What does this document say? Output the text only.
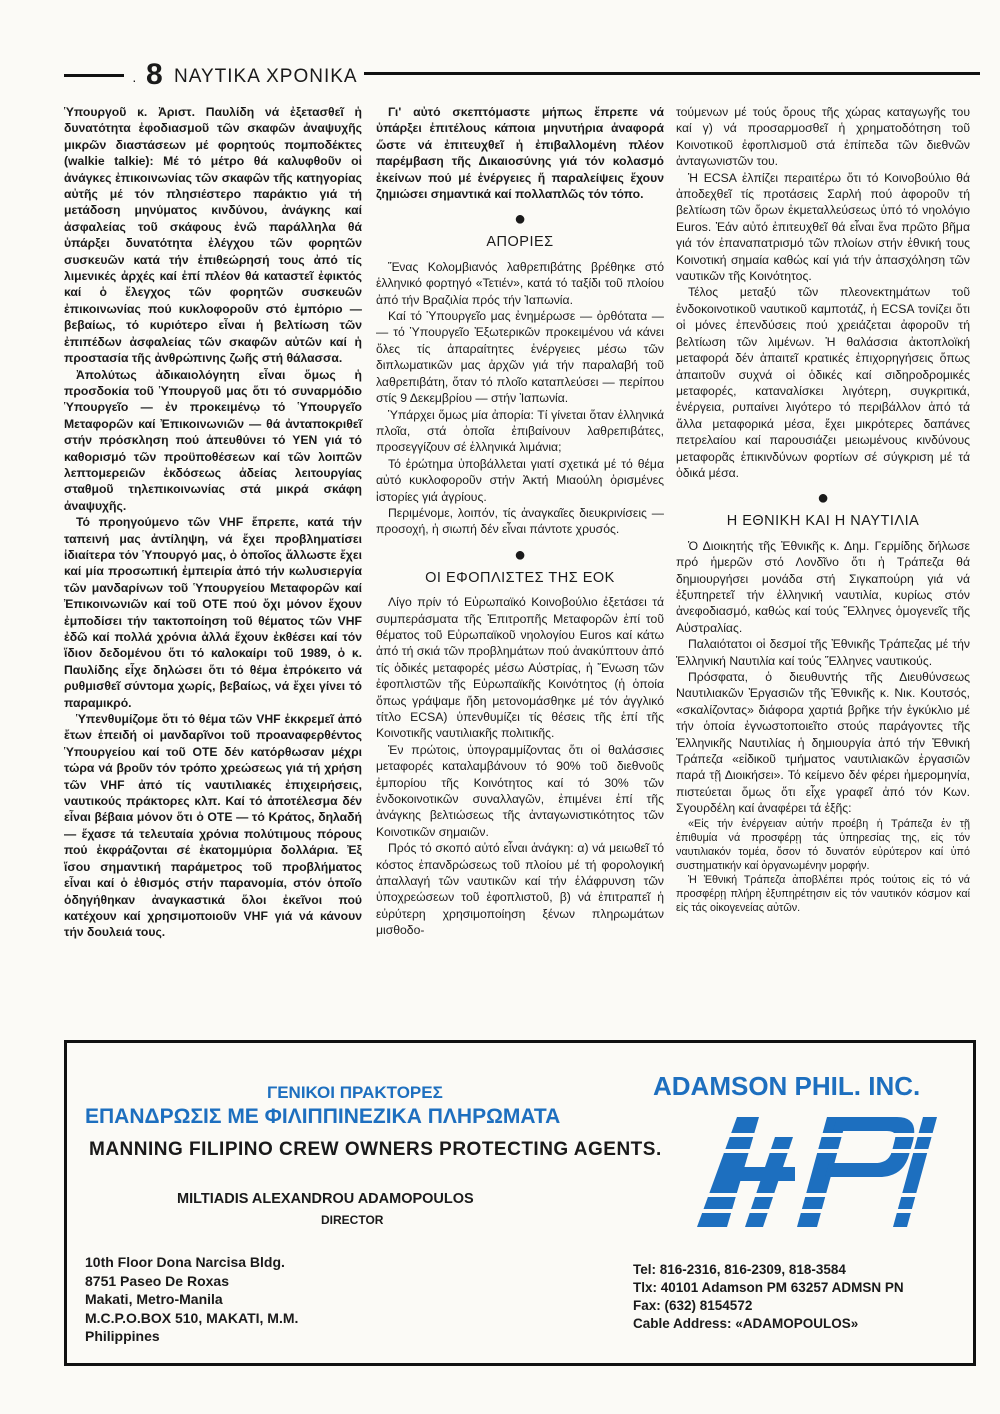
· 8 ΝΑΥΤΙΚΑ ΧΡΟΝΙΚΑ

Ὑπουργοῦ κ. Ἀριστ. Παυλίδη νά ἐξετασθεῖ ἡ δυνατότητα ἐφοδιασμοῦ τῶν σκαφῶν ἀναψυχῆς μικρῶν διαστάσεων μέ φορητούς πομποδέκτες (walkie talkie): Μέ τό μέτρο θά καλυφθοῦν οἱ ἀνάγκες ἐπικοινωνίας τῶν σκαφῶν τῆς κατηγορίας αὐτῆς μέ τόν πλησιέστερο παράκτιο γιά τή μετάδοση μηνύματος κινδύνου, ἀνάγκης καί ἀσφαλείας τοῦ σκάφους ἐνῶ παράλληλα θά ὑπάρξει δυνατότητα ἐλέγχου τῶν φορητῶν συσκευῶν κατά τήν ἐπιθεώρησή τους ἀπό τίς λιμενικές ἀρχές καί ἐπί πλέον θά καταστεῖ ἐφικτός καί ὁ ἔλεγχος τῶν φορητῶν συσκευῶν ἐπικοινωνίας πού κυκλοφοροῦν στό ἐμπόριο — βεβαίως, τό κυριότερο εἶναι ἡ βελτίωση τῶν ἐπιπέδων ἀσφαλείας τῶν σκαφῶν αὐτῶν καί ἡ προστασία τῆς ἀνθρώπινης ζωῆς στή θάλασσα.

Ἀπολύτως ἀδικαιολόγητη εἶναι ὅμως ἡ προσδοκία τοῦ Ὑπουργοῦ μας ὅτι τό συναρμόδιο Ὑπουργεῖο — ἐν προκειμένῳ τό Ὑπουργεῖο Μεταφορῶν καί Ἐπικοινωνιῶν — θά ἀνταποκριθεῖ στήν πρόσκληση πού ἀπευθύνει τό ΥΕΝ γιά τό καθορισμό τῶν προϋποθέσεων καί τῶν λοιπῶν λεπτομερειῶν ἐκδόσεως ἀδείας λειτουργίας σταθμοῦ τηλεπικοινωνίας στά μικρά σκάφη ἀναψυχῆς.

Τό προηγούμενο τῶν VHF ἔπρεπε, κατά τήν ταπεινή μας ἀντίληψη, νά ἔχει προβληματίσει ἰδιαίτερα τόν Ὑπουργό μας, ὁ ὁποῖος ἄλλωστε ἔχει καί μία προσωπική ἐμπειρία ἀπό τήν κωλυσιεργία τῶν μανδαρίνων τοῦ Ὑπουργείου Μεταφορῶν καί Ἐπικοινωνιῶν καί τοῦ ΟΤΕ πού ὄχι μόνον ἔχουν ἐμποδίσει τήν τακτοποίηση τοῦ θέματος τῶν VHF ἐδῶ καί πολλά χρόνια ἀλλά ἔχουν ἐκθέσει καί τόν ἴδιον δεδομένου ὅτι τό καλοκαίρι τοῦ 1989, ὁ κ. Παυλίδης εἶχε δηλώσει ὅτι τό θέμα ἐπρόκειτο νά ρυθμισθεῖ σύντομα χωρίς, βεβαίως, νά ἔχει γίνει τό παραμικρό.

Ὑπενθυμίζομε ὅτι τό θέμα τῶν VHF ἐκκρεμεῖ ἀπό ἔτων ἐπειδή οἱ μανδαρῖνοι τοῦ προαναφερθέντος Ὑπουργείου καί τοῦ ΟΤΕ δέν κατόρθωσαν μέχρι τώρα νά βροῦν τόν τρόπο χρεώσεως γιά τή χρήση τῶν VHF ἀπό τίς ναυτιλιακές ἐπιχειρήσεις, ναυτικούς πράκτορες κλπ. Καί τό ἀποτέλεσμα δέν εἶναι βέβαια μόνον ὅτι ὁ ΟΤΕ — τό Κράτος, δηλαδή — ἔχασε τά τελευταία χρόνια πολύτιμους πόρους πού ἐκφράζονται σέ ἑκατομμύρια δολλάρια. Ἐξ ἴσου σημαντική παράμετρος τοῦ προβλήματος εἶναι καί ὁ ἐθισμός στήν παρανομία, στόν ὁποῖο ὁδηγήθηκαν ἀναγκαστικά ὅλοι ἐκεῖνοι πού κατέχουν καί χρησιμοποιοῦν VHF γιά νά κάνουν τήν δουλειά τους.

Γι' αὐτό σκεπτόμαστε μήπως ἔπρεπε νά ὑπάρξει ἐπιτέλους κάποια μηνυτήρια ἀναφορά ὥστε νά ἐπιτευχθεῖ ἡ ἐπιβαλλομένη πλέον παρέμβαση τῆς Δικαιοσύνης γιά τόν κολασμό ἐκείνων πού μέ ἐνέργειες ἤ παραλείψεις ἔχουν ζημιώσει σημαντικά καί πολλαπλῶς τόν τόπο.

●
ΑΠΟΡΙΕΣ

Ἕνας Κολομβιανός λαθρεπιβάτης βρέθηκε στό ἑλληνικό φορτηγό «Τετιέν», κατά τό ταξίδι τοῦ πλοίου ἀπό τήν Βραζιλία πρός τήν Ἰαπωνία.

Καί τό Ὑπουργεῖο μας ἐνημέρωσε — ὀρθότατα — — τό Ὑπουργεῖο Ἐξωτερικῶν προκειμένου νά κάνει ὅλες τίς ἀπαραίτητες ἐνέργειες μέσω τῶν διπλωματικῶν μας ἀρχῶν γιά τήν παραλαβή τοῦ λαθρεπιβάτη, ὅταν τό πλοῖο καταπλεύσει — περίπου στίς 9 Δεκεμβρίου — στήν Ἰαπωνία.

Ὑπάρχει ὅμως μία ἀπορία: Τί γίνεται ὅταν ἑλληνικά πλοῖα, στά ὁποῖα ἐπιβαίνουν λαθρεπιβάτες, προσεγγίζουν σέ ἑλληνικά λιμάνια;

Τό ἐρώτημα ὑποβάλλεται γιατί σχετικά μέ τό θέμα αὐτό κυκλοφοροῦν στήν Ἀκτή Μιαούλη ὁρισμένες ἱστορίες γιά ἀγρίους.

Περιμένομε, λοιπόν, τίς ἀναγκαῖες διευκρινίσεις — προσοχή, ἡ σιωπή δέν εἶναι πάντοτε χρυσός.

●
ΟΙ ΕΦΟΠΛΙΣΤΕΣ ΤΗΣ ΕΟΚ

Λίγο πρίν τό Εὐρωπαϊκό Κοινοβούλιο ἐξετάσει τά συμπεράσματα τῆς Ἐπιτροπῆς Μεταφορῶν ἐπί τοῦ θέματος τοῦ Εὐρωπαϊκοῦ νηολογίου Euros καί κάτω ἀπό τή σκιά τῶν προβλημάτων πού ἀνακύπτουν ἀπό τίς ὁδικές μεταφορές μέσω Αὐστρίας, ἡ Ἕνωση τῶν ἐφοπλιστῶν τῆς Εὐρωπαϊκῆς Κοινότητος (ἡ ὁποία ὅπως γράψαμε ἤδη μετονομάσθηκε μέ τόν ἀγγλικό τίτλο ECSA) ὑπενθυμίζει τίς θέσεις τῆς ἐπί τῆς Κοινοτικῆς ναυτιλιακῆς πολιτικῆς.

Ἐν πρώτοις, ὑπογραμμίζοντας ὅτι οἱ θαλάσσιες μεταφορές καταλαμβάνουν τό 90% τοῦ διεθνοῦς ἐμπορίου τῆς Κοινότητος καί τό 30% τῶν ἐνδοκοινοτικῶν συναλλαγῶν, ἐπιμένει ἐπί τῆς ἀνάγκης βελτιώσεως τῆς ἀνταγωνιστικότητος τῶν Κοινοτικῶν σημαιῶν.

Πρός τό σκοπό αὐτό εἶναι ἀνάγκη: α) νά μειωθεῖ τό κόστος ἐπανδρώσεως τοῦ πλοίου μέ τή φορολογική ἀπαλλαγή τῶν ναυτικῶν καί τήν ἐλάφρυνση τῶν ὑποχρεώσεων τοῦ ἐφοπλιστοῦ, β) νά ἐπιτραπεῖ ἡ εὐρύτερη χρησιμοποίηση ξένων πληρωμάτων μισθοδο-

τούμενων μέ τούς ὅρους τῆς χώρας καταγωγῆς του καί γ) νά προσαρμοσθεῖ ἡ χρηματοδότηση τοῦ Κοινοτικοῦ ἐφοπλισμοῦ στά ἐπίπεδα τῶν διεθνῶν ἀνταγωνιστῶν του.

Ἡ ECSA ἐλπίζει περαιτέρω ὅτι τό Κοινοβούλιο θά ἀποδεχθεῖ τίς προτάσεις Σαρλή πού ἀφοροῦν τή βελτίωση τῶν ὅρων ἐκμεταλλεύσεως ὑπό τό νηολόγιο Euros. Ἐάν αὐτό ἐπιτευχθεῖ θά εἶναι ἕνα πρῶτο βῆμα γιά τόν ἐπαναπατρισμό τῶν πλοίων στήν ἐθνική τους Κοινοτική σημαία καθώς καί γιά τήν ἀπασχόληση τῶν ναυτικῶν τῆς Κοινότητος.

Τέλος μεταξύ τῶν πλεονεκτημάτων τοῦ ἐνδοκοινοτικοῦ ναυτικοῦ καμποτάζ, ἡ ECSA τονίζει ὅτι οἱ μόνες ἐπενδύσεις πού χρειάζεται ἀφοροῦν τή βελτίωση τῶν λιμένων. Ἡ θαλάσσια ἀκτοπλοϊκή μεταφορά δέν ἀπαιτεῖ κρατικές ἐπιχορηγήσεις ὅπως ἀπαιτοῦν συχνά οἱ ὁδικές καί σιδηροδρομικές μεταφορές, καταναλίσκει λιγότερη, συγκριτικά, ἐνέργεια, ρυπαίνει λιγότερο τό περιβάλλον ἀπό τά ἄλλα μεταφορικά μέσα, ἔχει μικρότερες δαπάνες πετρελαίου καί παρουσιάζει μειωμένους κινδύνους μεταφορᾶς ἐπικινδύνων φορτίων σέ σύγκριση μέ τά ὁδικά μέσα.

●
Η ΕΘΝΙΚΗ ΚΑΙ Η ΝΑΥΤΙΛΙΑ

Ὁ Διοικητής τῆς Ἐθνικῆς κ. Δημ. Γερμίδης δήλωσε πρό ἡμερῶν στό Λονδῖνο ὅτι ἡ Τράπεζα θά δημιουργήσει μονάδα στή Σιγκαπούρη γιά νά ἐξυπηρετεῖ τήν ἑλληνική ναυτιλία, κυρίως στόν ἀνεφοδιασμό, καθώς καί τούς Ἕλληνες ὁμογενεῖς τῆς Αὐστραλίας.

Παλαιότατοι οἱ δεσμοί τῆς Ἐθνικῆς Τράπεζας μέ τήν Ἑλληνική Ναυτιλία καί τούς Ἕλληνες ναυτικούς.

Πρόσφατα, ὁ διευθυντής τῆς Διευθύνσεως Ναυτιλιακῶν Ἐργασιῶν τῆς Ἐθνικῆς κ. Νικ. Κουτσός, «σκαλίζοντας» διάφορα χαρτιά βρῆκε τήν ἐγκύκλιο μέ τήν ὁποία ἐγνωστοποιεῖτο στούς παράγοντες τῆς Ἑλληνικῆς Ναυτιλίας ἡ δημιουργία ἀπό τήν Ἐθνική Τράπεζα «εἰδικοῦ τμήματος ναυτιλιακῶν ἐργασιῶν παρά τῇ Διοικήσει». Τό κείμενο δέν φέρει ἡμερομηνία, πιστεύεται ὅμως ὅτι εἶχε γραφεῖ ἀπό τόν Κων. Σγουρδέλη καί ἀναφέρει τά ἑξῆς:

«Εἰς τήν ἐνέργειαν αὐτήν προέβη ἡ Τράπεζα ἐν τῇ ἐπιθυμία νά προσφέρῃ τάς ὑπηρεσίας της, εἰς τόν ναυτιλιακόν τομέα, ὅσον τό δυνατόν εὐρύτερον καί ὑπό συστηματικήν καί ὀργανωμένην μορφήν.

Ἡ Ἐθνική Τράπεζα ἀποβλέπει πρός τούτοις εἰς τό νά προσφέρῃ πλήρη ἐξυπηρέτησιν εἰς τόν ναυτικόν κόσμον καί εἰς τάς οἰκογενείας αὐτῶν.

ΓΕΝΙΚΟΙ ΠΡΑΚΤΟΡΕΣ
ΕΠΑΝΔΡΩΣΙΣ ΜΕ ΦΙΛΙΠΠΙΝΕΖΙΚΑ ΠΛΗΡΩΜΑΤΑ
MANNING FILIPINO CREW OWNERS PROTECTING AGENTS.
MILTIADIS ALEXANDROU ADAMOPOULOS
DIRECTOR
10th Floor Dona Narcisa Bldg.
8751 Paseo De Roxas
Makati, Metro-Manila
M.C.P.O.BOX 510, MAKATI, M.M.
Philippines
ADAMSON PHIL. INC.
Tel: 816-2316, 816-2309, 818-3584
Tlx: 40101 Adamson PM 63257 ADMSN PN
Fax: (632) 8154572
Cable Address: «ADAMOPOULOS»
